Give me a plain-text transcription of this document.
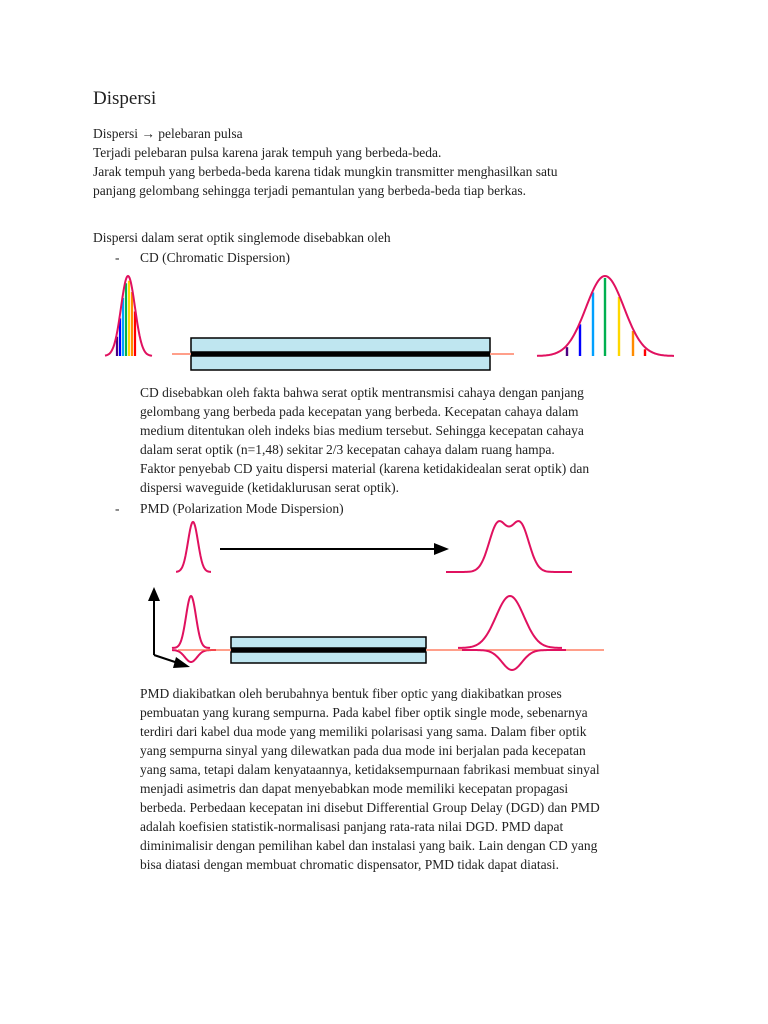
Dispersi
Dispersi → pelebaran pulsa
Terjadi pelebaran pulsa karena jarak tempuh yang berbeda-beda.
Jarak tempuh yang berbeda-beda karena tidak mungkin transmitter menghasilkan satu
panjang gelombang sehingga terjadi pemantulan yang berbeda-beda tiap berkas.
Dispersi dalam serat optik singlemode disebabkan oleh
- CD (Chromatic Dispersion)
CD disebabkan oleh fakta bahwa serat optik mentransmisi cahaya dengan panjang
gelombang yang berbeda pada kecepatan yang berbeda. Kecepatan cahaya dalam
medium ditentukan oleh indeks bias medium tersebut. Sehingga kecepatan cahaya
dalam serat optik (n=1,48) sekitar 2/3 kecepatan cahaya dalam ruang hampa.
Faktor penyebab CD yaitu dispersi material (karena ketidakidealan serat optik) dan
dispersi waveguide (ketidaklurusan serat optik).
- PMD (Polarization Mode Dispersion)
PMD diakibatkan oleh berubahnya bentuk fiber optic yang diakibatkan proses
pembuatan yang kurang sempurna. Pada kabel fiber optik single mode, sebenarnya
terdiri dari kabel dua mode yang memiliki polarisasi yang sama. Dalam fiber optik
yang sempurna sinyal yang dilewatkan pada dua mode ini berjalan pada kecepatan
yang sama, tetapi dalam kenyataannya, ketidaksempurnaan fabrikasi membuat sinyal
menjadi asimetris dan dapat menyebabkan mode memiliki kecepatan propagasi
berbeda. Perbedaan kecepatan ini disebut Differential Group Delay (DGD) dan PMD
adalah koefisien statistik-normalisasi panjang rata-rata nilai DGD. PMD dapat
diminimalisir dengan pemilihan kabel dan instalasi yang baik. Lain dengan CD yang
bisa diatasi dengan membuat chromatic dispensator, PMD tidak dapat diatasi.
